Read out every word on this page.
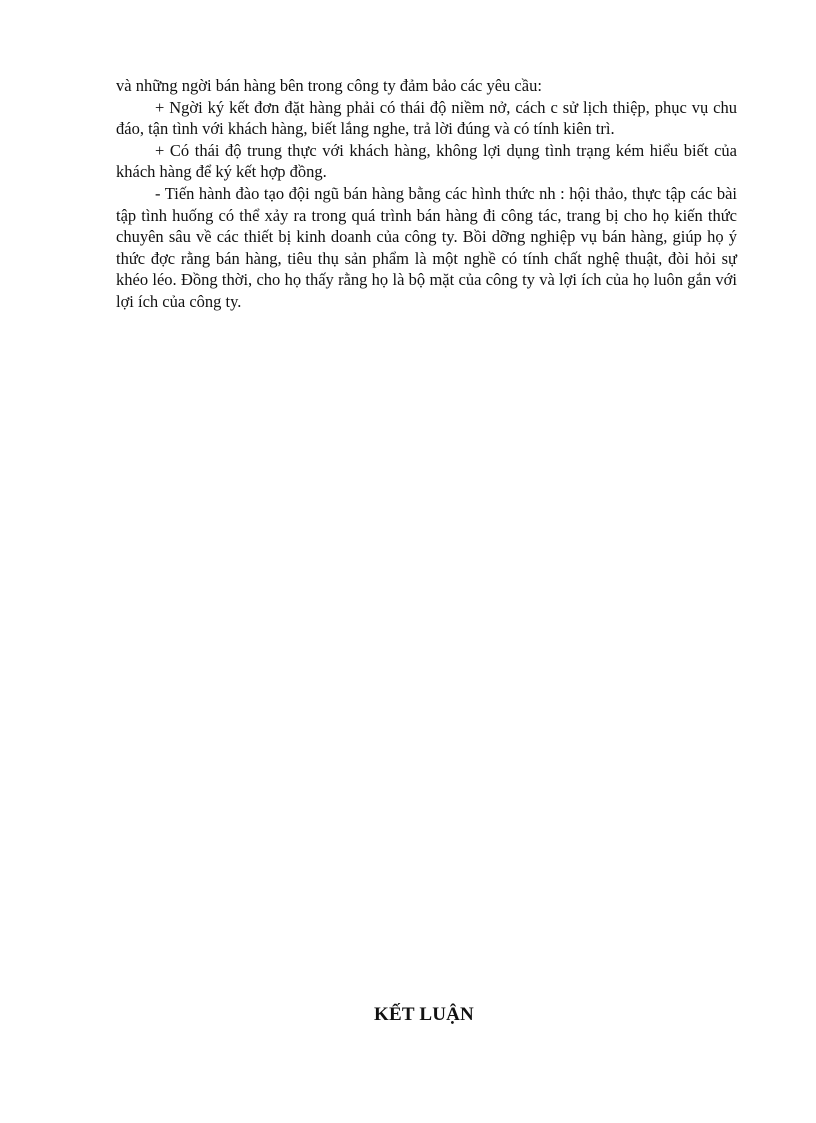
và những ngời bán hàng bên trong công ty đảm bảo các yêu cầu:

+ Ngời ký kết đơn đặt hàng phải có thái độ niềm nở, cách c sử lịch thiệp, phục vụ chu đáo, tận tình với khách hàng, biết lắng nghe, trả lời đúng và có tính kiên trì.

+ Có thái độ trung thực với khách hàng, không lợi dụng tình trạng kém hiểu biết của khách hàng để ký kết hợp đồng.

- Tiến hành đào tạo đội ngũ bán hàng bằng các hình thức nh : hội thảo, thực tập các bài tập tình huống có thể xảy ra trong quá trình bán hàng đi công tác, trang bị cho họ kiến thức chuyên sâu về các thiết bị kinh doanh của công ty. Bồi dỡng nghiệp vụ bán hàng, giúp họ ý thức đợc rằng bán hàng, tiêu thụ sản phẩm là một nghề có tính chất nghệ thuật, đòi hỏi sự khéo léo. Đồng thời, cho họ thấy rằng họ là bộ mặt của công ty và lợi ích của họ luôn gắn với lợi ích của công ty.

KẾT LUẬN
